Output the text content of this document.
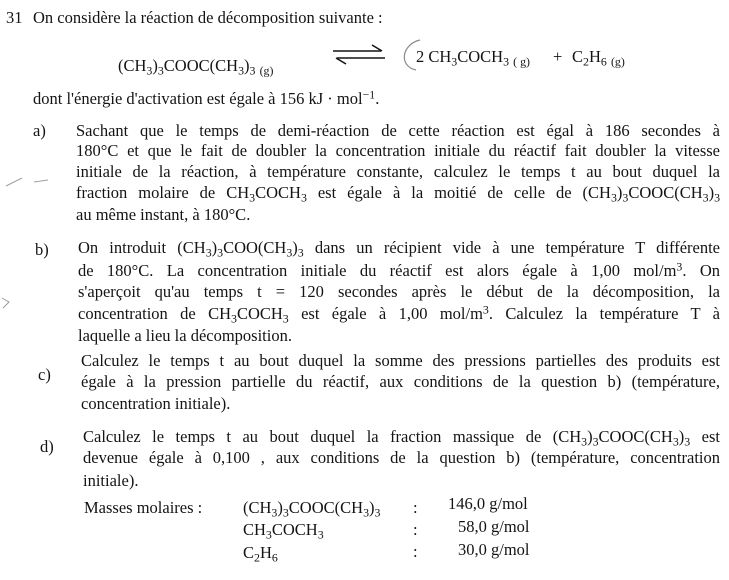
31 On considère la réaction de décomposition suivante :
$(CH_3)_3COOC(CH_3)_3$ $_{(g)}$
2 $CH_3COCH_3$ $_{( g)} + C_2H_6$ $_{(g)}$
dont l'énergie d'activation est égale à 156 kJ · mol$^{-1}$.
a) Sachant que le temps de demi-réaction de cette réaction est égal à 186 secondes à
180°C et que le fait de doubler la concentration initiale du réactif fait doubler la vitesse
initiale de la réaction, à température constante, calculez le temps t au bout duquel la
fraction molaire de $CH_3COCH_3$ est égale à la moitié de celle de $(CH_3)_3COOC(CH_3)_3$
au même instant, à 180°C.
b) On introduit $(CH_3)_3COO(CH_3)_3$ dans un récipient vide à une température T différente
de 180°C. La concentration initiale du réactif est alors égale à 1,00 mol/$m^3$. On
s'aperçoit qu'au temps t = 120 secondes après le début de la décomposition, la
concentration de $CH_3COCH_3$ est égale à 1,00 mol/$m^3$. Calculez la température T à
laquelle a lieu la décomposition.
c)
Calculez le temps t au bout duquel la somme des pressions partielles des produits est
égale à la pression partielle du réactif, aux conditions de la question b) (température,
concentration initiale).
d)
Calculez le temps t au bout duquel la fraction massique de $(CH_3)_3COOC(CH_3)_3$ est
devenue égale à 0,100 , aux conditions de la question b) (température, concentration
initiale).
Masses molaires : $(CH_3)_3COOC(CH_3)_3$ : 146,0 g/mol
$CH_3COCH_3$	: 58,0 g/mol
$C_2H_6$	: 30,0 g/mol
